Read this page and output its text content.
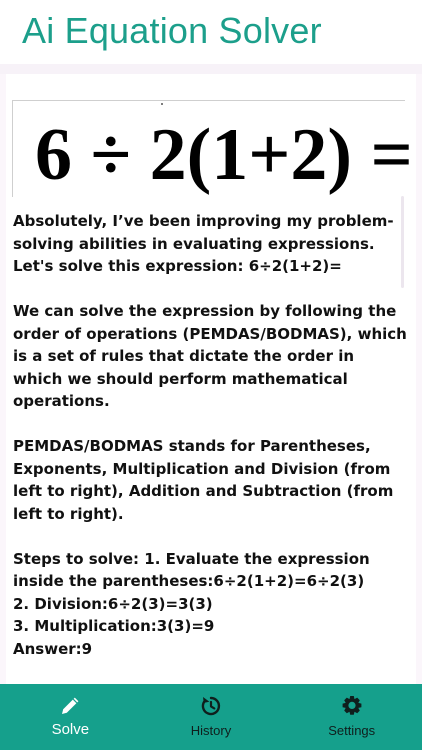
Ai Equation Solver
6 ÷ 2(1+2) =

Absolutely, I’ve been improving my problem-solving abilities in evaluating expressions. Let's solve this expression: 6÷2(1+2)=

We can solve the expression by following the order of operations (PEMDAS/BODMAS), which is a set of rules that dictate the order in which we should perform mathematical operations.

PEMDAS/BODMAS stands for Parentheses, Exponents, Multiplication and Division (from left to right), Addition and Subtraction (from left to right).

Steps to solve: 1. Evaluate the expression inside the parentheses:6÷2(1+2)=6÷2(3)

2. Division:6÷2(3)=3(3)

3. Multiplication:3(3)=9

Answer:9

Solve	History	Settings
